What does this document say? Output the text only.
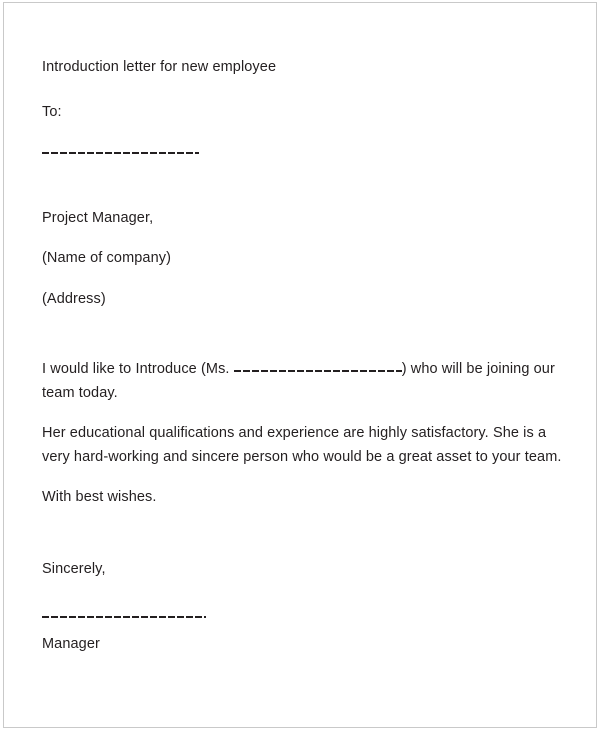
Introduction letter for new employee
To:
Project Manager,
(Name of company)
(Address)

I would like to Introduce (Ms.	) who will be joining our team today.

Her educational qualifications and experience are highly satisfactory. She is a very hard-working and sincere person who would be a great asset to your team.

With best wishes.

Sincerely,
Manager
